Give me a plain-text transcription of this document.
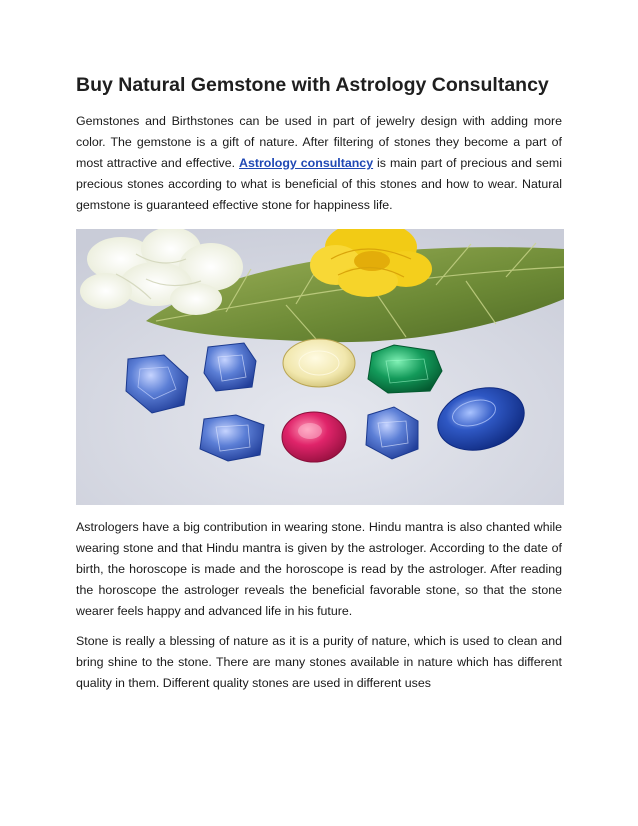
Buy Natural Gemstone with Astrology Consultancy

Gemstones and Birthstones can be used in part of jewelry design with adding more color. The gemstone is a gift of nature. After filtering of stones they become a part of most attractive and effective. Astrology consultancy is main part of precious and semi precious stones according to what is beneficial of this stones and how to wear. Natural gemstone is guaranteed effective stone for happiness life.

Astrologers have a big contribution in wearing stone. Hindu mantra is also chanted while wearing stone and that Hindu mantra is given by the astrologer. According to the date of birth, the horoscope is made and the horoscope is read by the astrologer. After reading the horoscope the astrologer reveals the beneficial favorable stone, so that the stone wearer feels happy and advanced life in his future.

Stone is really a blessing of nature as it is a purity of nature, which is used to clean and bring shine to the stone. There are many stones available in nature which has different quality in them. Different quality stones are used in different uses
